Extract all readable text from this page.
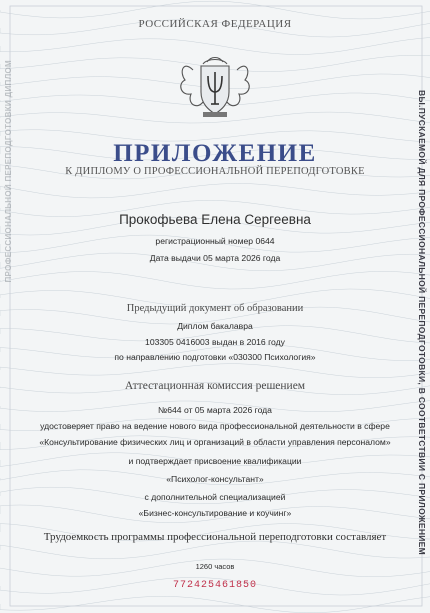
ВЫ.ПУСКАЕМОЙ ДЛЯ ПРОФЕССИОНАЛЬНОЙ ПЕРЕПОДГОТОВКИ, В СООТВЕТСТВИИ С ПРИЛОЖЕНИЕМ
ПРОФЕССИОНАЛЬНОЙ ПЕРЕПОДГОТОВКИ ДИПЛОМ
РОССИЙСКАЯ ФЕДЕРАЦИЯ
ПРИЛОЖЕНИЕ
К ДИПЛОМУ О ПРОФЕССИОНАЛЬНОЙ ПЕРЕПОДГОТОВКЕ
Прокофьева Елена Сергеевна
регистрационный номер 0644
Дата выдачи 05 марта 2026 года
Предыдущий документ об образовании
Диплом бакалавра
103305 0416003 выдан в 2016 году
по направлению подготовки «030300 Психология»
Аттестационная комиссия решением
№644 от 05 марта 2026 года
удостоверяет право на ведение нового вида профессиональной деятельности в сфере
«Консультирование физических лиц и организаций в области управления персоналом»
и подтверждает присвоение квалификации
«Психолог-консультант»
с дополнительной специализацией
«Бизнес-консультирование и коучинг»
Трудоемкость программы профессиональной переподготовки составляет
1260 часов
772425461850
